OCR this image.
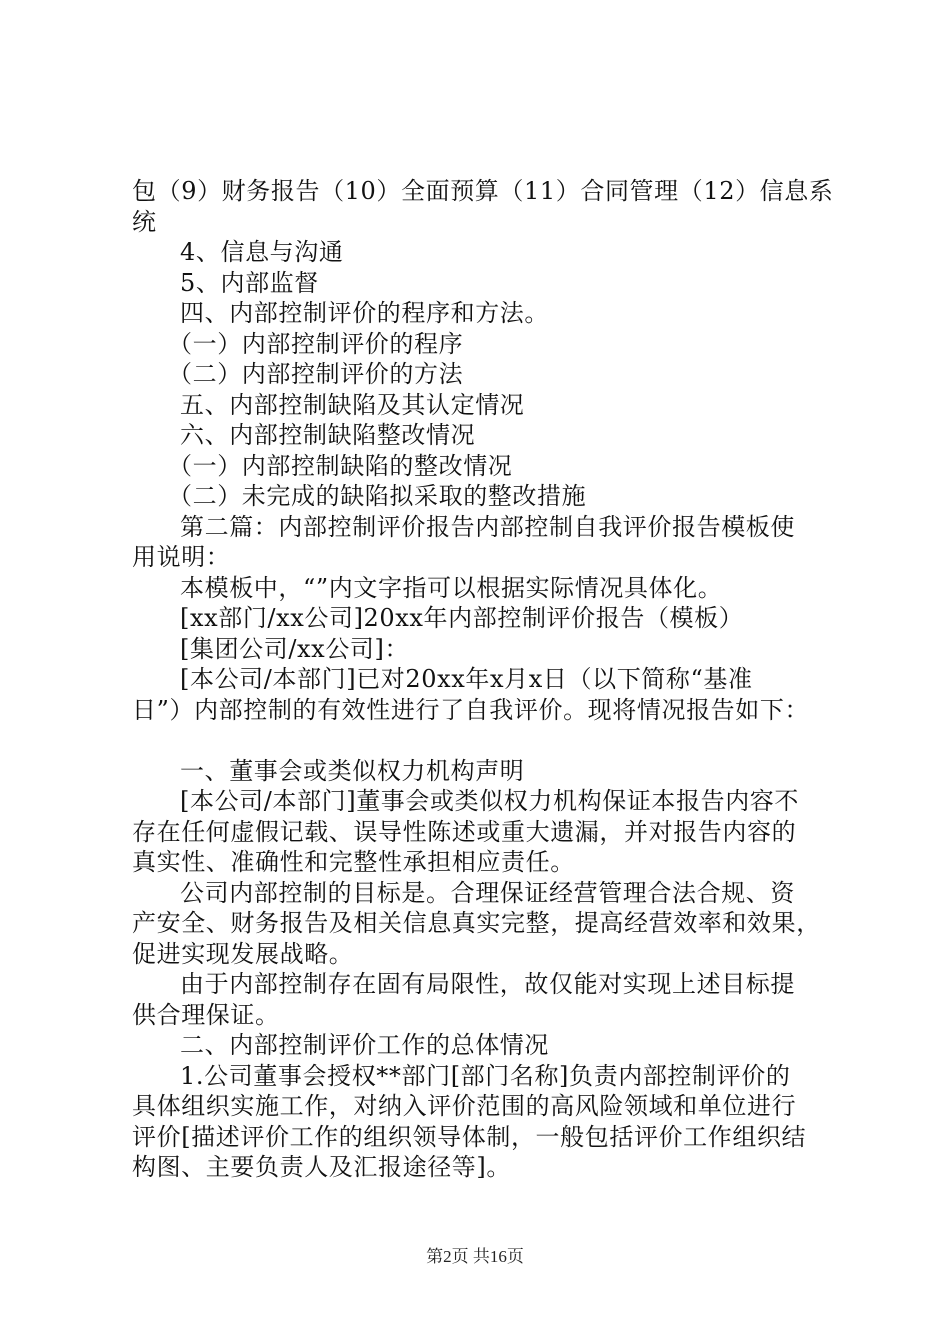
包（9）财务报告（10）全面预算（11）合同管理（12）信息系
统
4、信息与沟通
5、内部监督
四、内部控制评价的程序和方法。
（一）内部控制评价的程序
（二）内部控制评价的方法
五、内部控制缺陷及其认定情况
六、内部控制缺陷整改情况
（一）内部控制缺陷的整改情况
（二）未完成的缺陷拟采取的整改措施
第二篇：内部控制评价报告内部控制自我评价报告模板使
用说明：
本模板中，“”内文字指可以根据实际情况具体化。
[xx部门/xx公司]20xx年内部控制评价报告（模板）
[集团公司/xx公司]：
[本公司/本部门]已对20xx年x月x日（以下简称“基准
日”）内部控制的有效性进行了自我评价。现将情况报告如下：
一、董事会或类似权力机构声明
[本公司/本部门]董事会或类似权力机构保证本报告内容不
存在任何虚假记载、误导性陈述或重大遗漏，并对报告内容的
真实性、准确性和完整性承担相应责任。
公司内部控制的目标是。合理保证经营管理合法合规、资
产安全、财务报告及相关信息真实完整，提高经营效率和效果，
促进实现发展战略。
由于内部控制存在固有局限性，故仅能对实现上述目标提
供合理保证。
二、内部控制评价工作的总体情况
1.公司董事会授权**部门[部门名称]负责内部控制评价的
具体组织实施工作，对纳入评价范围的高风险领域和单位进行
评价[描述评价工作的组织领导体制，一般包括评价工作组织结
构图、主要负责人及汇报途径等]。
第2页 共16页
